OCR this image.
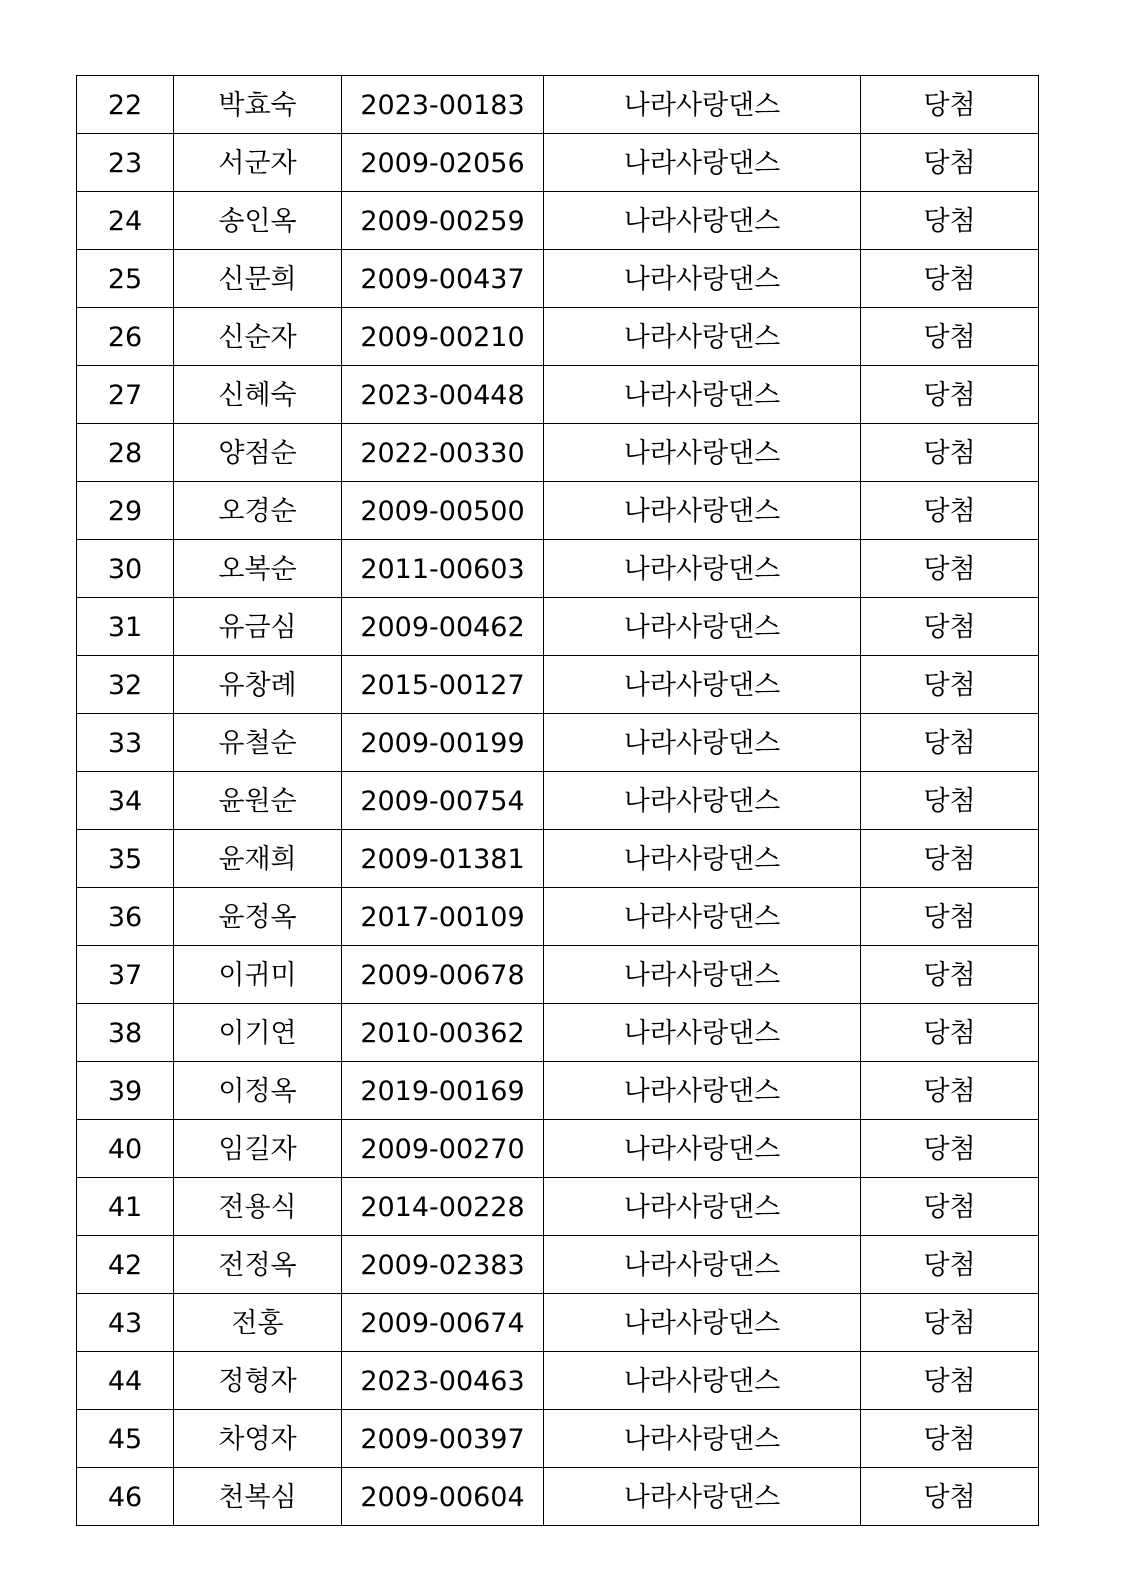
22	박효숙	2023-00183	나라사랑댄스	당첨
23	서군자	2009-02056	나라사랑댄스	당첨
24	송인옥	2009-00259	나라사랑댄스	당첨
25	신문희	2009-00437	나라사랑댄스	당첨
26	신순자	2009-00210	나라사랑댄스	당첨
27	신혜숙	2023-00448	나라사랑댄스	당첨
28	양점순	2022-00330	나라사랑댄스	당첨
29	오경순	2009-00500	나라사랑댄스	당첨
30	오복순	2011-00603	나라사랑댄스	당첨
31	유금심	2009-00462	나라사랑댄스	당첨
32	유창례	2015-00127	나라사랑댄스	당첨
33	유철순	2009-00199	나라사랑댄스	당첨
34	윤원순	2009-00754	나라사랑댄스	당첨
35	윤재희	2009-01381	나라사랑댄스	당첨
36	윤정옥	2017-00109	나라사랑댄스	당첨
37	이귀미	2009-00678	나라사랑댄스	당첨
38	이기연	2010-00362	나라사랑댄스	당첨
39	이정옥	2019-00169	나라사랑댄스	당첨
40	임길자	2009-00270	나라사랑댄스	당첨
41	전용식	2014-00228	나라사랑댄스	당첨
42	전정옥	2009-02383	나라사랑댄스	당첨
43	전홍	2009-00674	나라사랑댄스	당첨
44	정형자	2023-00463	나라사랑댄스	당첨
45	차영자	2009-00397	나라사랑댄스	당첨
46	천복심	2009-00604	나라사랑댄스	당첨
